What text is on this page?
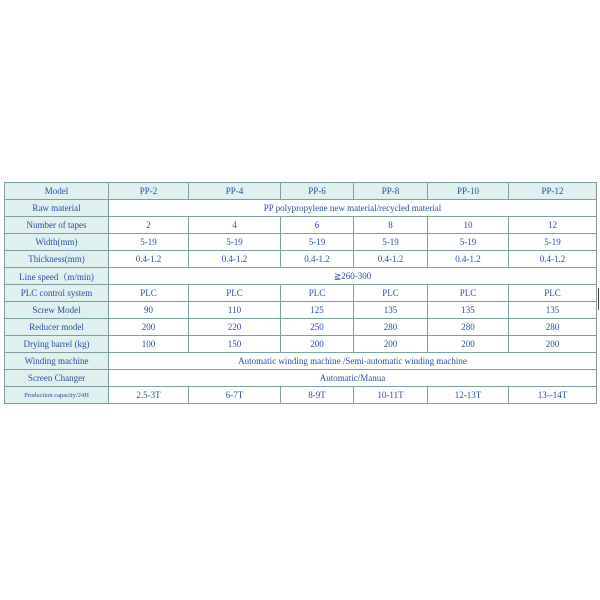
Model	PP-2	PP-4	PP-6	PP-8	PP-10	PP-12
Raw material	PP polypropylene new material/recycled material					
Number of tapes	2	4	6	8	10	12
Width(mm)	5-19	5-19	5-19	5-19	5-19	5-19
Thickness(mm)	0.4-1.2	0.4-1.2	0.4-1.2	0.4-1.2	0.4-1.2	0.4-1.2
Line speed（m/min)	≧260-300					
PLC control system	PLC	PLC	PLC	PLC	PLC	PLC
Screw Model	90	110	125	135	135	135
Reducer model	200	220	250	280	280	280
Drying barrel (kg)	100	150	200	200	200	200
Winding machine	Automatic winding machine /Semi-automatic winding machine					
Screen Changer	Automatic/Manua					
Production capacity/24H	2.5-3T	6-7T	8-9T	10-11T	12-13T	13--14T
